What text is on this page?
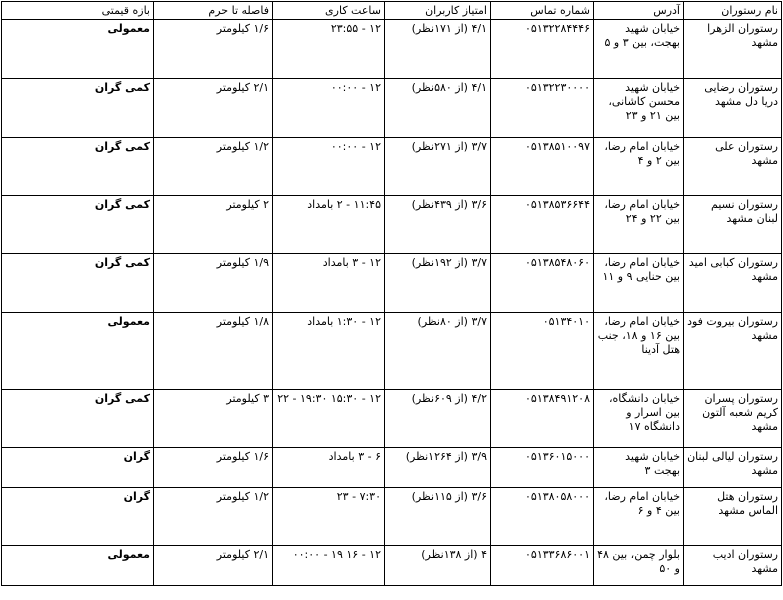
نام رستوران	آدرس	شماره تماس	امتیاز کاربران	ساعت کاری	فاصله تا حرم	بازه قیمتی
رستوران الزهرا مشهد	خیابان شهید بهجت، بین ۳ و ۵	۰۵۱۳۲۲۸۴۴۴۶	۴/۱ (از ۱۷۱نظر)	۱۲ - ۲۳:۵۵	۱/۶ کیلومتر	معمولی
رستوران رضایی دریا دل مشهد	خیابان شهید محسن کاشانی، بین ۲۱ و ۲۳	۰۵۱۳۲۲۳۰۰۰۰	۴/۱ (از ۵۸۰نظر)	۱۲ - ۰۰:۰۰	۲/۱ کیلومتر	کمی گران
رستوران علی مشهد	خیابان امام رضا، بین ۲ و ۴	۰۵۱۳۸۵۱۰۰۹۷	۳/۷ (از ۲۷۱نظر)	۱۲ - ۰۰:۰۰	۱/۲ کیلومتر	کمی گران
رستوران نسیم لبنان مشهد	خیابان امام رضا، بین ۲۲ و ۲۴	۰۵۱۳۸۵۳۶۶۴۴	۳/۶ (از ۴۳۹نظر)	۱۱:۴۵ - ۲ بامداد	۲ کیلومتر	کمی گران
رستوران کبابی امید مشهد	خیابان امام رضا، بین حنایی ۹ و ۱۱	۰۵۱۳۸۵۴۸۰۶۰	۳/۷ (از ۱۹۲نظر)	۱۲ - ۳ بامداد	۱/۹ کیلومتر	کمی گران
رستوران بیروت فود مشهد	خیابان امام رضا، بین ۱۶ و ۱۸، جنب هتل آدینا	۰۵۱۳۴۰۱۰	۳/۷ (از ۸۰نظر)	۱۲ - ۱:۳۰ بامداد	۱/۸ کیلومتر	معمولی
رستوران پسران کریم شعبه آلتون مشهد	خیابان دانشگاه، بین اسرار و دانشگاه ۱۷	۰۵۱۳۸۴۹۱۲۰۸	۴/۲ (از ۶۰۹نظر)	۱۲ - ۱۵:۳۰ ۱۹:۳۰ - ۲۲	۳ کیلومتر	کمی گران
رستوران لیالی لبنان مشهد	خیابان شهید بهجت ۳	۰۵۱۳۶۰۱۵۰۰۰	۳/۹ (از ۱۲۶۴نظر)	۶ - ۳ بامداد	۱/۶ کیلومتر	گران
رستوران هتل الماس مشهد	خیابان امام رضا، بین ۴ و ۶	۰۵۱۳۸۰۵۸۰۰۰	۳/۶ (از ۱۱۵نظر)	۷:۳۰ - ۲۳	۱/۲ کیلومتر	گران
رستوران ادیب مشهد	بلوار چمن، بین ۴۸ و ۵۰	۰۵۱۳۳۶۸۶۰۰۱	۴ (از ۱۳۸نظر)	۱۲ - ۱۶ ۱۹ - ۰۰:۰۰	۲/۱ کیلومتر	معمولی
